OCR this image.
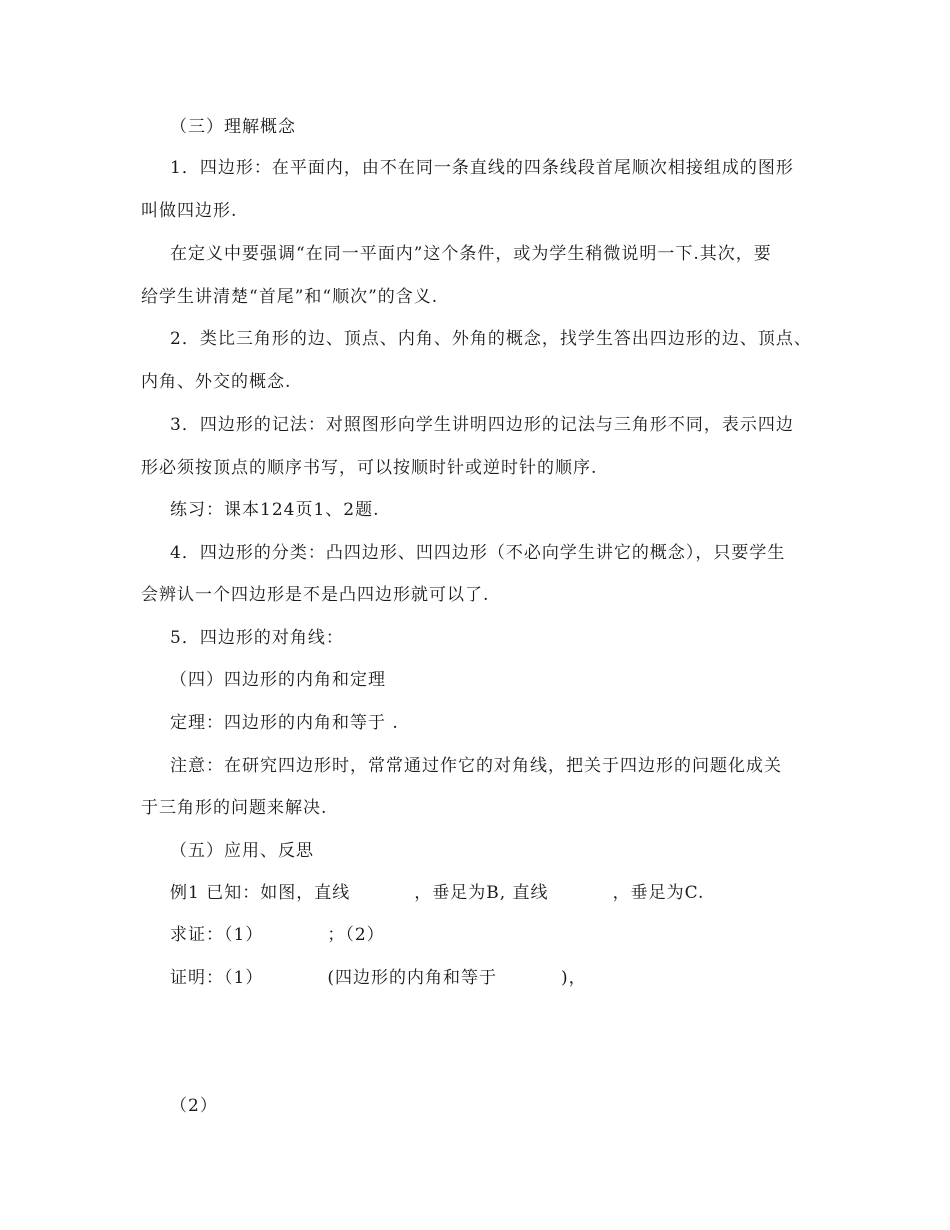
（三）理解概念
1．四边形：在平面内，由不在同一条直线的四条线段首尾顺次相接组成的图形
叫做四边形.
在定义中要强调“在同一平面内”这个条件，或为学生稍微说明一下.其次，要
给学生讲清楚“首尾”和“顺次”的含义.
2．类比三角形的边、顶点、内角、外角的概念，找学生答出四边形的边、顶点、
内角、外交的概念.
3．四边形的记法：对照图形向学生讲明四边形的记法与三角形不同，表示四边
形必须按顶点的顺序书写，可以按顺时针或逆时针的顺序.
练习：课本124页1、2题.
4．四边形的分类：凸四边形、凹四边形（不必向学生讲它的概念），只要学生
会辨认一个四边形是不是凸四边形就可以了.
5．四边形的对角线：
（四）四边形的内角和定理
定理：四边形的内角和等于 .
注意：在研究四边形时，常常通过作它的对角线，把关于四边形的问题化成关
于三角形的问题来解决.
（五）应用、反思
例1 已知：如图，直线          ，垂足为B, 直线          ，垂足为C.
求证：（1）          ；（2）
证明：（1）          (四边形的内角和等于          )，
（2）
